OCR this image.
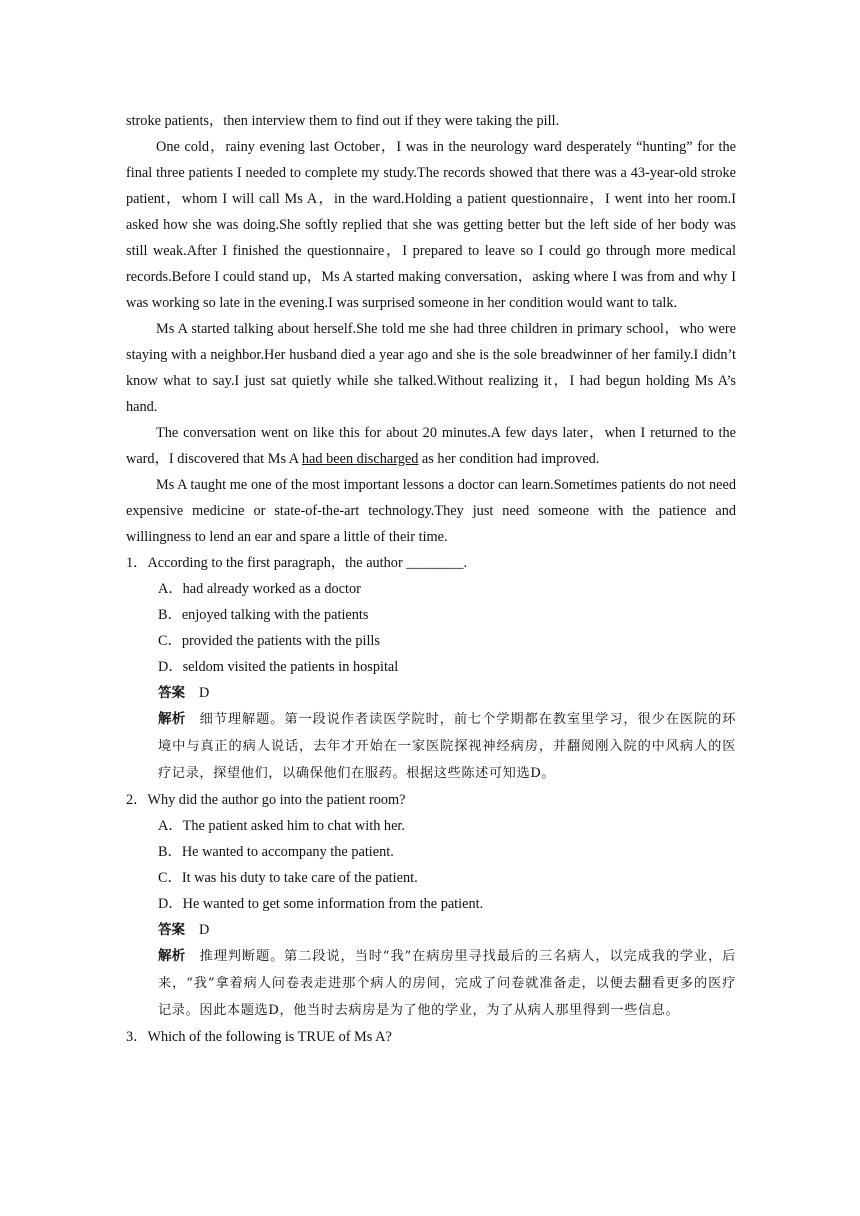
stroke patients，then interview them to find out if they were taking the pill.

One cold，rainy evening last October，I was in the neurology ward desperately “hunting” for the final three patients I needed to complete my study.The records showed that there was a 43-year-old stroke patient，whom I will call Ms A，in the ward.Holding a patient questionnaire，I went into her room.I asked how she was doing.She softly replied that she was getting better but the left side of her body was still weak.After I finished the questionnaire，I prepared to leave so I could go through more medical records.Before I could stand up，Ms A started making conversation，asking where I was from and why I was working so late in the evening.I was surprised someone in her condition would want to talk.

Ms A started talking about herself.She told me she had three children in primary school，who were staying with a neighbor.Her husband died a year ago and she is the sole breadwinner of her family.I didn’t know what to say.I just sat quietly while she talked.Without realizing it，I had begun holding Ms A’s hand.

The conversation went on like this for about 20 minutes.A few days later，when I returned to the ward，I discovered that Ms A had been discharged as her condition had improved.

Ms A taught me one of the most important lessons a doctor can learn.Sometimes patients do not need expensive medicine or state-of-the-art technology.They just need someone with the patience and willingness to lend an ear and spare a little of their time.

1．According to the first paragraph，the author ________.

A．had already worked as a doctor

B．enjoyed talking with the patients

C．provided the patients with the pills

D．seldom visited the patients in hospital

答案 D

解析 细节理解题。第一段说作者读医学院时，前七个学期都在教室里学习，很少在医院的环境中与真正的病人说话，去年才开始在一家医院探视神经病房，并翻阅刚入院的中风病人的医疗记录，探望他们，以确保他们在服药。根据这些陈述可知选D。

2．Why did the author go into the patient room?

A．The patient asked him to chat with her.

B．He wanted to accompany the patient.

C．It was his duty to take care of the patient.

D．He wanted to get some information from the patient.

答案 D

解析 推理判断题。第二段说，当时“我”在病房里寻找最后的三名病人，以完成我的学业，后来，“我”拿着病人问卷表走进那个病人的房间，完成了问卷就准备走，以便去翻看更多的医疗记录。因此本题选D，他当时去病房是为了他的学业，为了从病人那里得到一些信息。

3．Which of the following is TRUE of Ms A?
